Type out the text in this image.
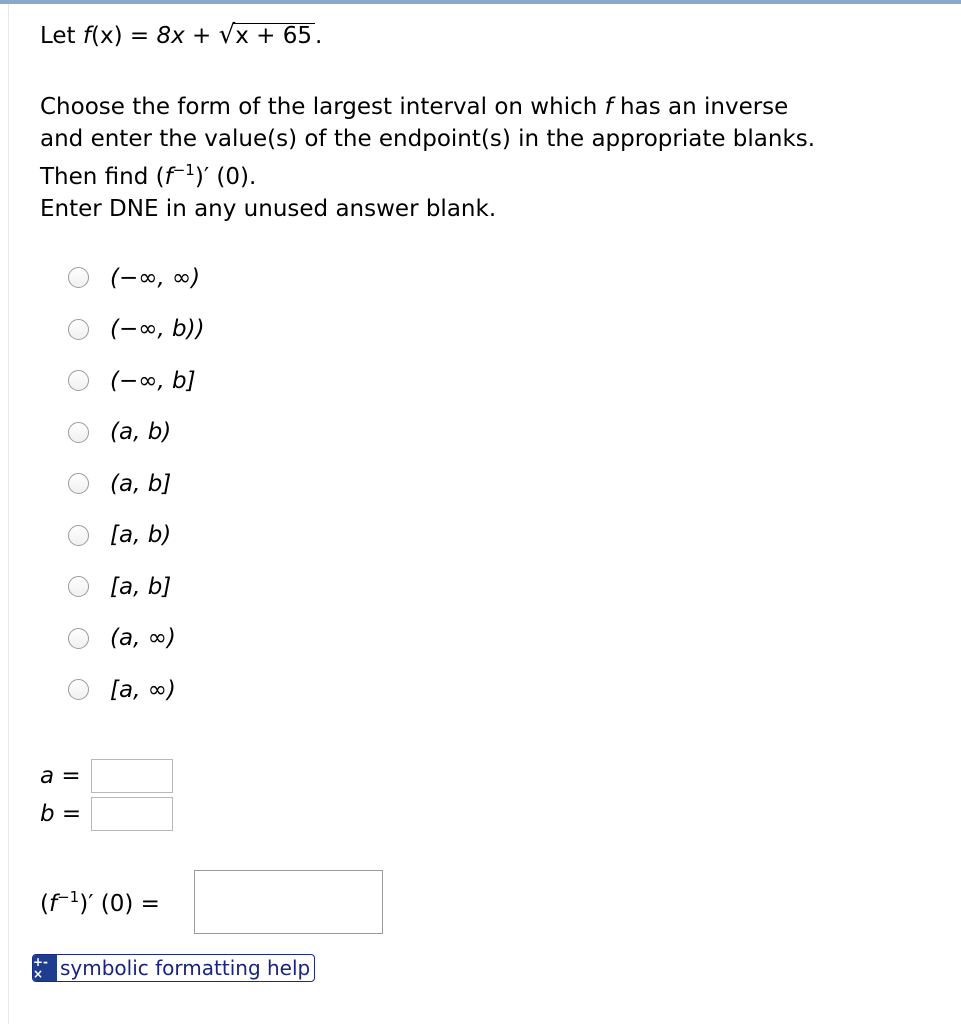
Let f(x) = 8x + √x + 65 .
Choose the form of the largest interval on which f has an inverse
and enter the value(s) of the endpoint(s) in the appropriate blanks.
Then find $(f^{-1})'$ (0).
Enter DNE in any unused answer blank.
(−∞, ∞)
(−∞, b))
(−∞, b]
(a, b)
(a, b]
[a, b)
[a, b]
(a, ∞)
[a, ∞)
a =
b =
$(f^{-1})'$ (0) =
+-× symbolic formatting help
